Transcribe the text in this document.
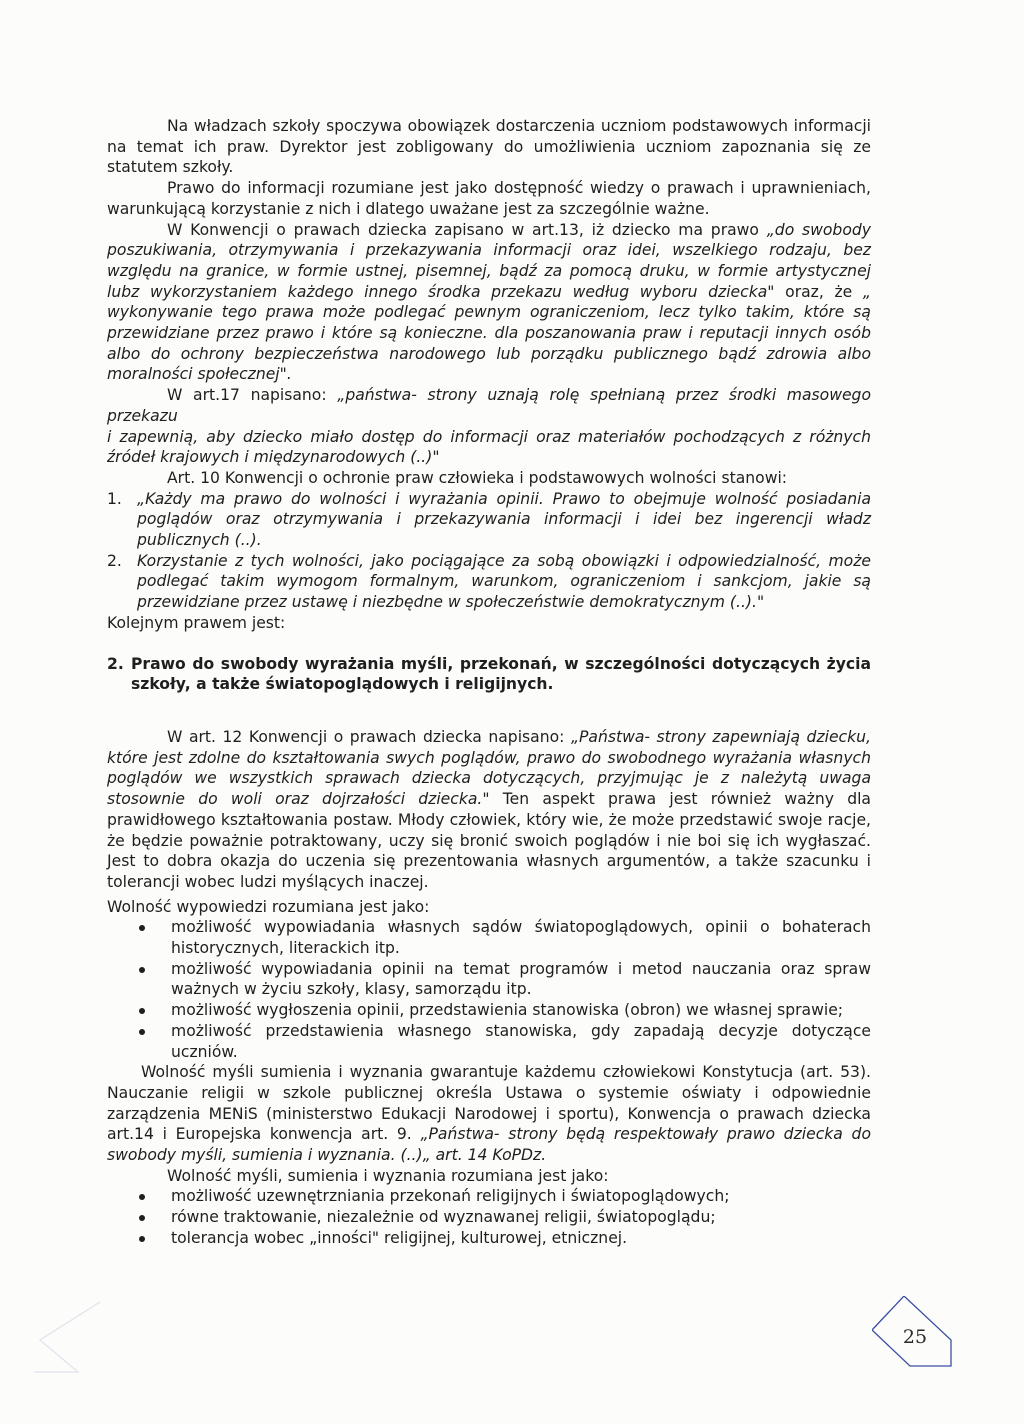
Na władzach szkoły spoczywa obowiązek dostarczenia uczniom podstawowych informacji na temat ich praw. Dyrektor jest zobligowany do umożliwienia uczniom zapoznania się ze statutem szkoły.

Prawo do informacji rozumiane jest jako dostępność wiedzy o prawach i uprawnieniach, warunkującą korzystanie z nich i dlatego uważane jest za szczególnie ważne.

W Konwencji o prawach dziecka zapisano w art.13, iż dziecko ma prawo „do swobody poszukiwania, otrzymywania i przekazywania informacji oraz idei, wszelkiego rodzaju, bez względu na granice, w formie ustnej, pisemnej, bądź za pomocą druku, w formie artystycznej lubz wykorzystaniem każdego innego środka przekazu według wyboru dziecka" oraz, że „ wykonywanie tego prawa może podlegać pewnym ograniczeniom, lecz tylko takim, które są przewidziane przez prawo i które są konieczne. dla poszanowania praw i reputacji innych osób albo do ochrony bezpieczeństwa narodowego lub porządku publicznego bądź zdrowia albo moralności społecznej".

W art.17 napisano: „państwa- strony uznają rolę spełnianą przez środki masowego przekazu

i zapewnią, aby dziecko miało dostęp do informacji oraz materiałów pochodzących z różnych źródeł krajowych i międzynarodowych (..)"

Art. 10 Konwencji o ochronie praw człowieka i podstawowych wolności stanowi:

1. „Każdy ma prawo do wolności i wyrażania opinii. Prawo to obejmuje wolność posiadania poglądów oraz otrzymywania i przekazywania informacji i idei bez ingerencji władz publicznych (..).
2. Korzystanie z tych wolności, jako pociągające za sobą obowiązki i odpowiedzialność, może podlegać takim wymogom formalnym, warunkom, ograniczeniom i sankcjom, jakie są przewidziane przez ustawę i niezbędne w społeczeństwie demokratycznym (..)."

Kolejnym prawem jest:

2. Prawo do swobody wyrażania myśli, przekonań, w szczególności dotyczących życia szkoły, a także światopoglądowych i religijnych.

W art. 12 Konwencji o prawach dziecka napisano: „Państwa- strony zapewniają dziecku, które jest zdolne do kształtowania swych poglądów, prawo do swobodnego wyrażania własnych poglądów we wszystkich sprawach dziecka dotyczących, przyjmując je z należytą uwaga stosownie do woli oraz dojrzałości dziecka." Ten aspekt prawa jest również ważny dla prawidłowego kształtowania postaw. Młody człowiek, który wie, że może przedstawić swoje racje, że będzie poważnie potraktowany, uczy się bronić swoich poglądów i nie boi się ich wygłaszać. Jest to dobra okazja do uczenia się prezentowania własnych argumentów, a także szacunku i tolerancji wobec ludzi myślących inaczej.

Wolność wypowiedzi rozumiana jest jako:

możliwość wypowiadania własnych sądów światopoglądowych, opinii o bohaterach historycznych, literackich itp.
możliwość wypowiadania opinii na temat programów i metod nauczania oraz spraw ważnych w życiu szkoły, klasy, samorządu itp.
możliwość wygłoszenia opinii, przedstawienia stanowiska (obron) we własnej sprawie;
możliwość przedstawienia własnego stanowiska, gdy zapadają decyzje dotyczące uczniów.

Wolność myśli sumienia i wyznania gwarantuje każdemu człowiekowi Konstytucja (art. 53). Nauczanie religii w szkole publicznej określa Ustawa o systemie oświaty i odpowiednie zarządzenia MENiS (ministerstwo Edukacji Narodowej i sportu), Konwencja o prawach dziecka art.14 i Europejska konwencja art. 9. „Państwa- strony będą respektowały prawo dziecka do swobody myśli, sumienia i wyznania. (..)„ art. 14 KoPDz.

Wolność myśli, sumienia i wyznania rozumiana jest jako:

możliwość uzewnętrzniania przekonań religijnych i światopoglądowych;
równe traktowanie, niezależnie od wyznawanej religii, światopoglądu;
tolerancja wobec „inności" religijnej, kulturowej, etnicznej.
25
